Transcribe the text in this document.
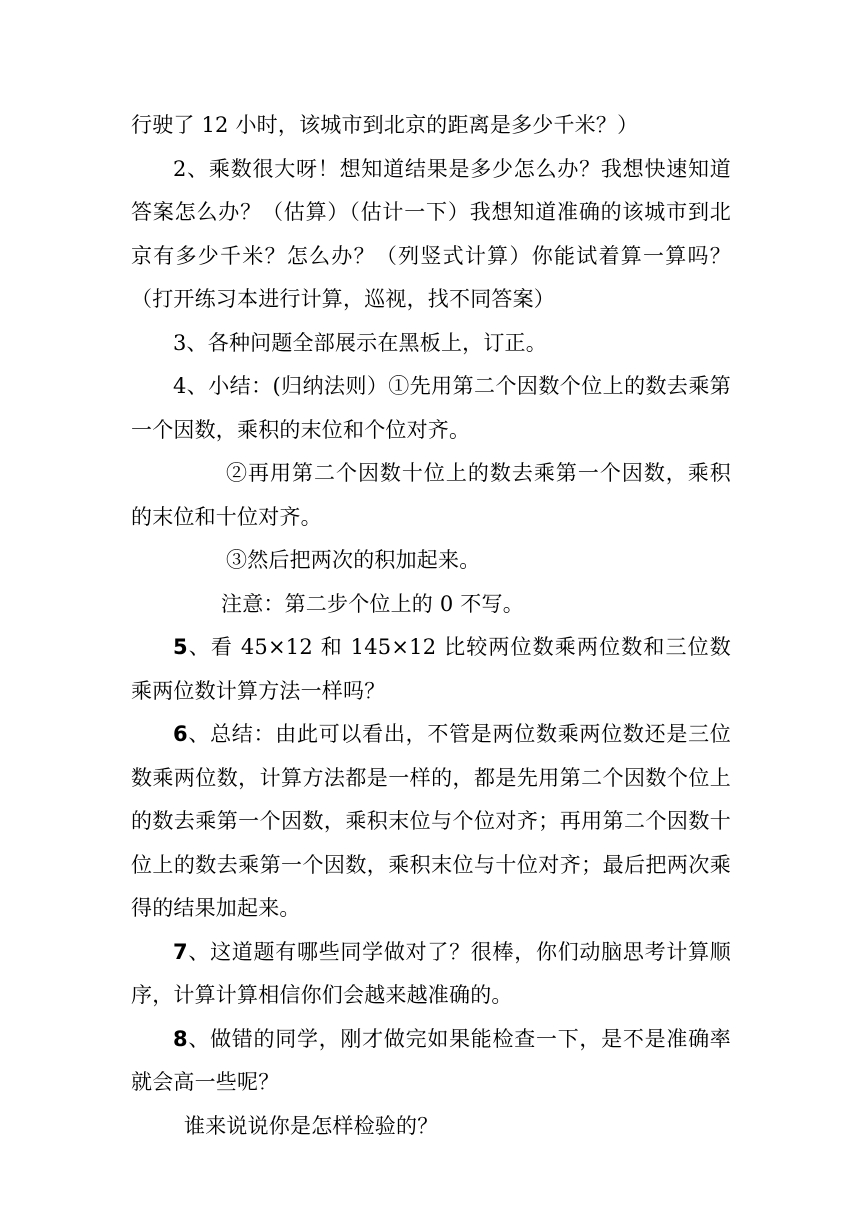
行驶了 12 小时，该城市到北京的距离是多少千米？）

2、乘数很大呀！想知道结果是多少怎么办？我想快速知道答案怎么办？（估算）（估计一下）我想知道准确的该城市到北京有多少千米？怎么办？（列竖式计算）你能试着算一算吗？（打开练习本进行计算，巡视，找不同答案）

3、各种问题全部展示在黑板上，订正。

4、小结：(归纳法则）①先用第二个因数个位上的数去乘第一个因数，乘积的末位和个位对齐。

②再用第二个因数十位上的数去乘第一个因数，乘积的末位和十位对齐。

③然后把两次的积加起来。

注意：第二步个位上的 0 不写。

5、看 45×12 和 145×12 比较两位数乘两位数和三位数乘两位数计算方法一样吗？

6、总结：由此可以看出，不管是两位数乘两位数还是三位数乘两位数，计算方法都是一样的，都是先用第二个因数个位上的数去乘第一个因数，乘积末位与个位对齐；再用第二个因数十位上的数去乘第一个因数，乘积末位与十位对齐；最后把两次乘得的结果加起来。

7、这道题有哪些同学做对了？很棒，你们动脑思考计算顺序，计算计算相信你们会越来越准确的。

8、做错的同学，刚才做完如果能检查一下，是不是准确率就会高一些呢？

谁来说说你是怎样检验的？
